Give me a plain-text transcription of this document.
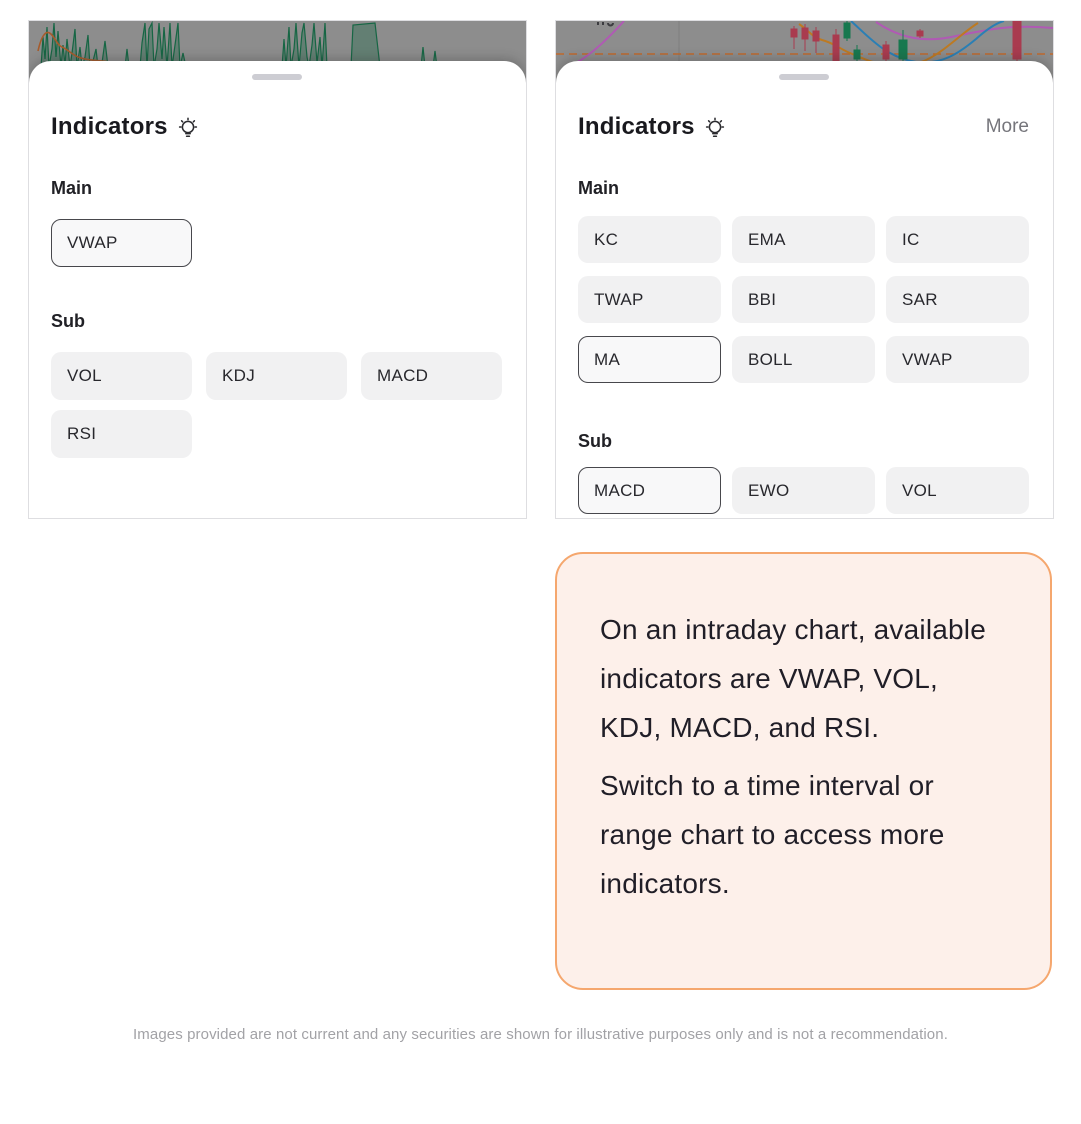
Indicators
Main
VWAP
Sub
VOL	KDJ	MACD
RSI
Indicators	More
Main
KC	EMA	IC
TWAP	BBI	SAR
MA	BOLL	VWAP
Sub
MACD	EWO	VOL

On an intraday chart, available indicators are VWAP, VOL, KDJ, MACD, and RSI.

Switch to a time interval or range chart to access more indicators.

Images provided are not current and any securities are shown for illustrative purposes only and is not a recommendation.
